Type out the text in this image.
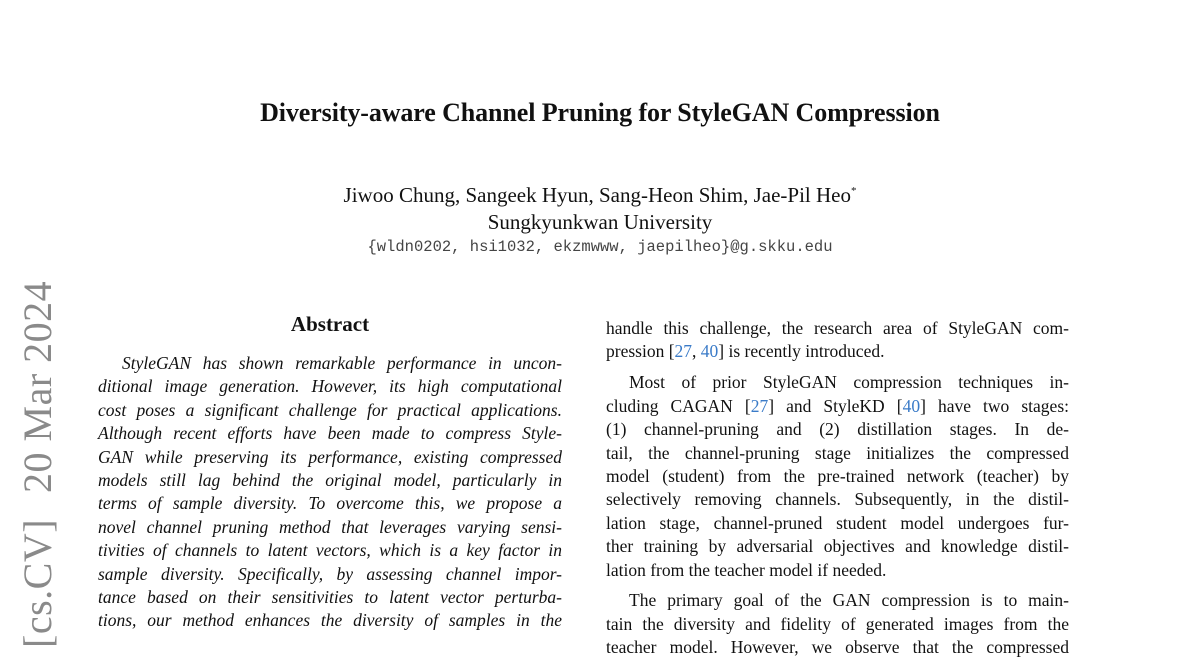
[cs.CV]20 Mar 2024
Diversity-aware Channel Pruning for StyleGAN Compression
Jiwoo Chung, Sangeek Hyun, Sang-Heon Shim, Jae-Pil Heo*
Sungkyunkwan University
{wldn0202, hsi1032, ekzmwww, jaepilheo}@g.skku.edu
Abstract
StyleGAN has shown remarkable performance in uncon-
ditional image generation. However, its high computational
cost poses a significant challenge for practical applications.
Although recent efforts have been made to compress Style-
GAN while preserving its performance, existing compressed
models still lag behind the original model, particularly in
terms of sample diversity. To overcome this, we propose a
novel channel pruning method that leverages varying sensi-
tivities of channels to latent vectors, which is a key factor in
sample diversity. Specifically, by assessing channel impor-
tance based on their sensitivities to latent vector perturba-
tions, our method enhances the diversity of samples in the
handle this challenge, the research area of StyleGAN com-
pression [27, 40] is recently introduced.
Most of prior StyleGAN compression techniques in-
cluding CAGAN [27] and StyleKD [40] have two stages:
(1) channel-pruning and (2) distillation stages. In de-
tail, the channel-pruning stage initializes the compressed
model (student) from the pre-trained network (teacher) by
selectively removing channels. Subsequently, in the distil-
lation stage, channel-pruned student model undergoes fur-
ther training by adversarial objectives and knowledge distil-
lation from the teacher model if needed.
The primary goal of the GAN compression is to main-
tain the diversity and fidelity of generated images from the
teacher model. However, we observe that the compressed
